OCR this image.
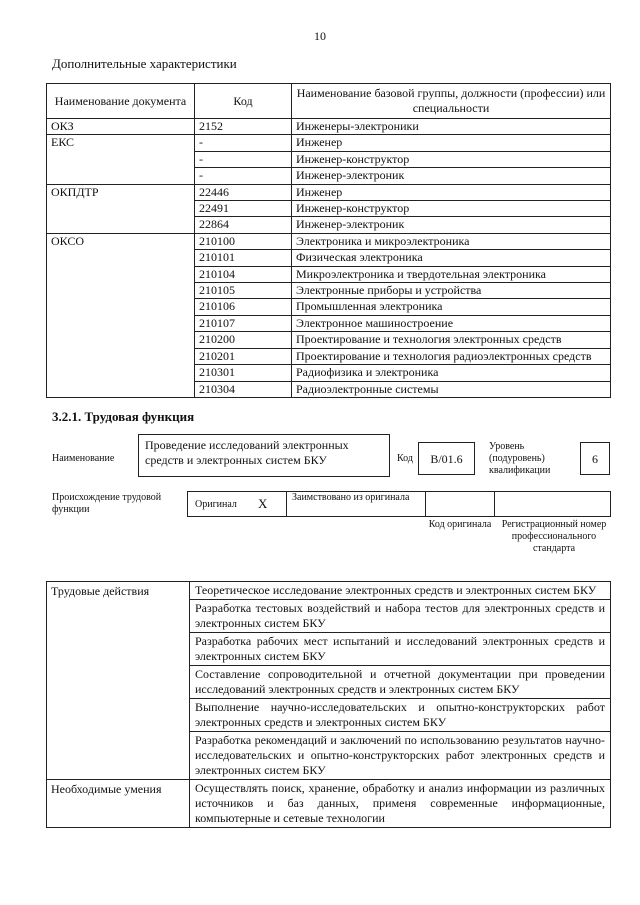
10
Дополнительные характеристики
Наименование документа	Код	Наименование базовой группы, должности (профессии) или специальности
ОКЗ	2152	Инженеры-электроники
ЕКС	-	Инженер
	-	Инженер-конструктор
	-	Инженер-электроник
ОКПДТР	22446	Инженер
	22491	Инженер-конструктор
	22864	Инженер-электроник
ОКСО	210100	Электроника и микроэлектроника
	210101	Физическая электроника
	210104	Микроэлектроника и твердотельная электроника
	210105	Электронные приборы и устройства
	210106	Промышленная электроника
	210107	Электронное машиностроение
	210200	Проектирование и технология электронных средств
	210201	Проектирование и технология радиоэлектронных средств
	210301	Радиофизика и электроника
	210304	Радиоэлектронные системы
3.2.1. Трудовая функция
Наименование
Проведение исследований электронных средств и электронных систем БКУ	Код	B/01.6
Уровень (подуровень) квалификации
6
Происхождение трудовой функции	Оригинал X Заимствовано из оригинала
Код оригинала	Регистрационный номер профессионального стандарта
Трудовые действия	Теоретическое исследование электронных средств и электронных систем БКУ
	Разработка тестовых воздействий и набора тестов для электронных средств и электронных систем БКУ
	Разработка рабочих мест испытаний и исследований электронных средств и электронных систем БКУ
	Составление сопроводительной и отчетной документации при проведении исследований электронных средств и электронных систем БКУ
	Выполнение научно-исследовательских и опытно-конструкторских работ электронных средств и электронных систем БКУ
	Разработка рекомендаций и заключений по использованию результатов научно-исследовательских и опытно-конструкторских работ электронных средств и электронных систем БКУ
Необходимые умения	Осуществлять поиск, хранение, обработку и анализ информации из различных источников и баз данных, применя современные информационные, компьютерные и сетевые технологии
